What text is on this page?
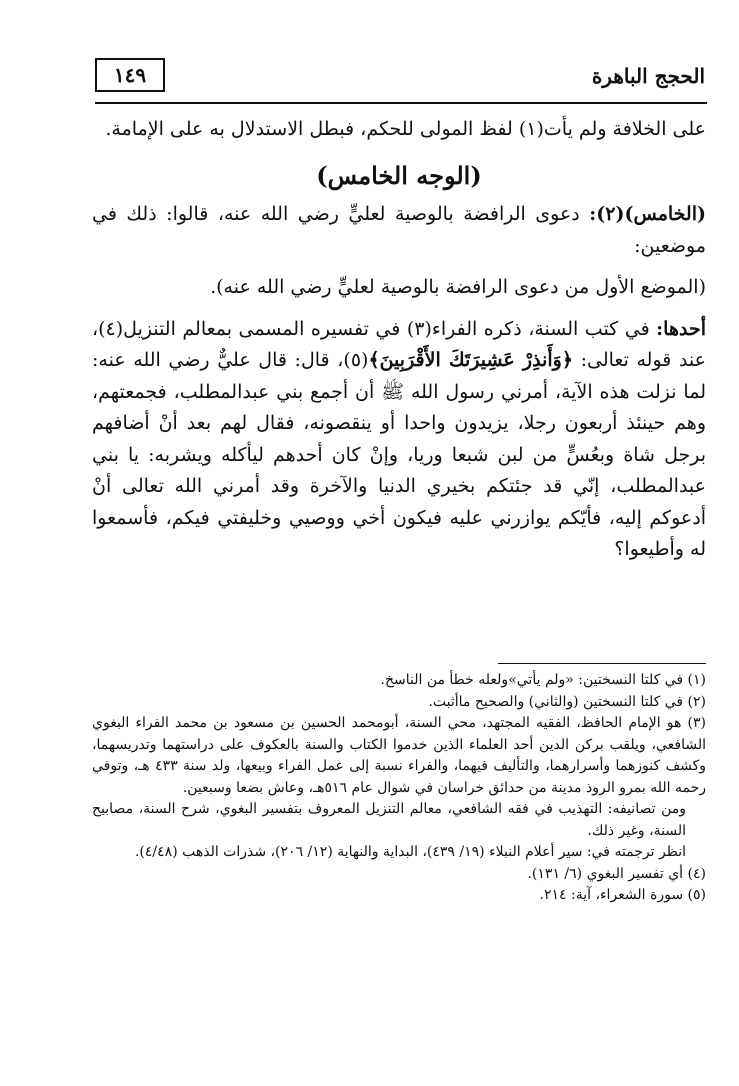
١٤٩	الحجج الباهرة

على الخلافة ولم يأت(١) لفظ المولى للحكم، فبطل الاستدلال به على الإمامة.

(الوجه الخامس)

(الخامس)(٢): دعوى الرافضة بالوصية لعليٍّ رضي الله عنه، قالوا: ذلك في موضعين:

(الموضع الأول من دعوى الرافضة بالوصية لعليٍّ رضي الله عنه).

أحدها: في كتب السنة، ذكره الفراء(٣) في تفسيره المسمى بمعالم التنزيل(٤)، عند قوله تعالى: ﴿وَأَنذِرْ عَشِيرَتَكَ الأَقْرَبِينَ﴾(٥)، قال: قال عليٌّ رضي الله عنه: لما نزلت هذه الآية، أمرني رسول الله ﷺ أن أجمع بني عبدالمطلب، فجمعتهم، وهم حينئذ أربعون رجلا، يزيدون واحدا أو ينقصونه، فقال لهم بعد أنْ أضافهم برجل شاة وبعُسٍّ من لبن شبعا وريا، وإنْ كان أحدهم ليأكله ويشربه: يا بني عبدالمطلب، إنّي قد جئتكم بخيري الدنيا والآخرة وقد أمرني الله تعالى أنْ أدعوكم إليه، فأيّكم يوازرني عليه فيكون أخي ووصيي وخليفتي فيكم، فأسمعوا له وأطيعوا؟

(١) في كلتا النسختين: «ولم يأتي»ولعله خطأ من الناسخ.

(٢) في كلتا النسختين (والثاني) والصحيح ماأثبت.

(٣) هو الإمام الحافظ، الفقيه المجتهد، محي السنة، أبومحمد الحسين بن مسعود بن محمد الفراء البغوي الشافعي، ويلقب بركن الدين أحد العلماء الذين خدموا الكتاب والسنة بالعكوف على دراستهما وتدريسهما، وكشف كنوزهما وأسرارهما، والتأليف فيهما، والفراء نسبة إلى عمل الفراء وبيعها، ولد سنة ٤٣٣ هـ، وتوفي رحمه الله بمرو الروذ مدينة من حدائق خراسان في شوال عام ٥١٦هـ، وعاش بضعا وسبعين.

ومن تصانيفه: التهذيب في فقه الشافعي، معالم التنزيل المعروف بتفسير البغوي، شرح السنة، مصابيح السنة، وغير ذلك.

انظر ترجمته في: سير أعلام النبلاء (١٩/ ٤٣٩)، البداية والنهاية (١٢/ ٢٠٦)، شذرات الذهب (٤/٤٨).

(٤) أي تفسير البغوي (٦/ ١٣١).

(٥) سورة الشعراء، آية: ٢١٤.
